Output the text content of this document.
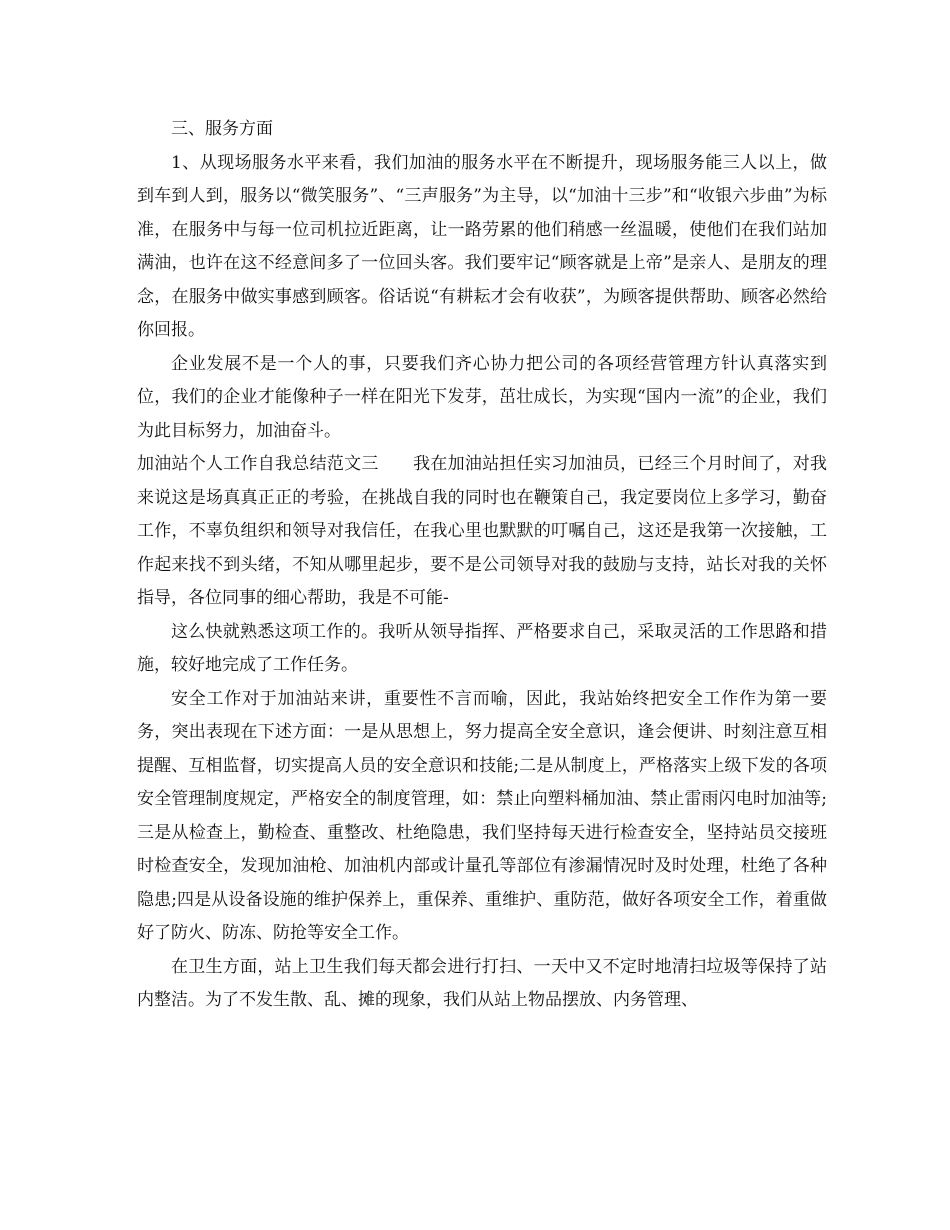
三、服务方面

1、从现场服务水平来看，我们加油的服务水平在不断提升，现场服务能三人以上，做到车到人到，服务以“微笑服务”、“三声服务”为主导，以“加油十三步”和“收银六步曲”为标准，在服务中与每一位司机拉近距离，让一路劳累的他们稍感一丝温暖，使他们在我们站加满油，也许在这不经意间多了一位回头客。我们要牢记“顾客就是上帝”是亲人、是朋友的理念，在服务中做实事感到顾客。俗话说“有耕耘才会有收获”，为顾客提供帮助、顾客必然给你回报。

企业发展不是一个人的事，只要我们齐心协力把公司的各项经营管理方针认真落实到位，我们的企业才能像种子一样在阳光下发芽，茁壮成长，为实现“国内一流”的企业，我们为此目标努力，加油奋斗。

加油站个人工作自我总结范文三　　我在加油站担任实习加油员，已经三个月时间了，对我来说这是场真真正正的考验，在挑战自我的同时也在鞭策自己，我定要岗位上多学习，勤奋工作，不辜负组织和领导对我信任，在我心里也默默的叮嘱自己，这还是我第一次接触，工作起来找不到头绪，不知从哪里起步，要不是公司领导对我的鼓励与支持，站长对我的关怀指导，各位同事的细心帮助，我是不可能-

这么快就熟悉这项工作的。我听从领导指挥、严格要求自己，采取灵活的工作思路和措施，较好地完成了工作任务。

安全工作对于加油站来讲，重要性不言而喻，因此，我站始终把安全工作作为第一要务，突出表现在下述方面：一是从思想上，努力提高全安全意识，逢会便讲、时刻注意互相提醒、互相监督，切实提高人员的安全意识和技能;二是从制度上，严格落实上级下发的各项安全管理制度规定，严格安全的制度管理，如：禁止向塑料桶加油、禁止雷雨闪电时加油等;三是从检查上，勤检查、重整改、杜绝隐患，我们坚持每天进行检查安全，坚持站员交接班时检查安全，发现加油枪、加油机内部或计量孔等部位有渗漏情况时及时处理，杜绝了各种隐患;四是从设备设施的维护保养上，重保养、重维护、重防范，做好各项安全工作，着重做好了防火、防冻、防抢等安全工作。

在卫生方面，站上卫生我们每天都会进行打扫、一天中又不定时地清扫垃圾等保持了站内整洁。为了不发生散、乱、摊的现象，我们从站上物品摆放、内务管理、
